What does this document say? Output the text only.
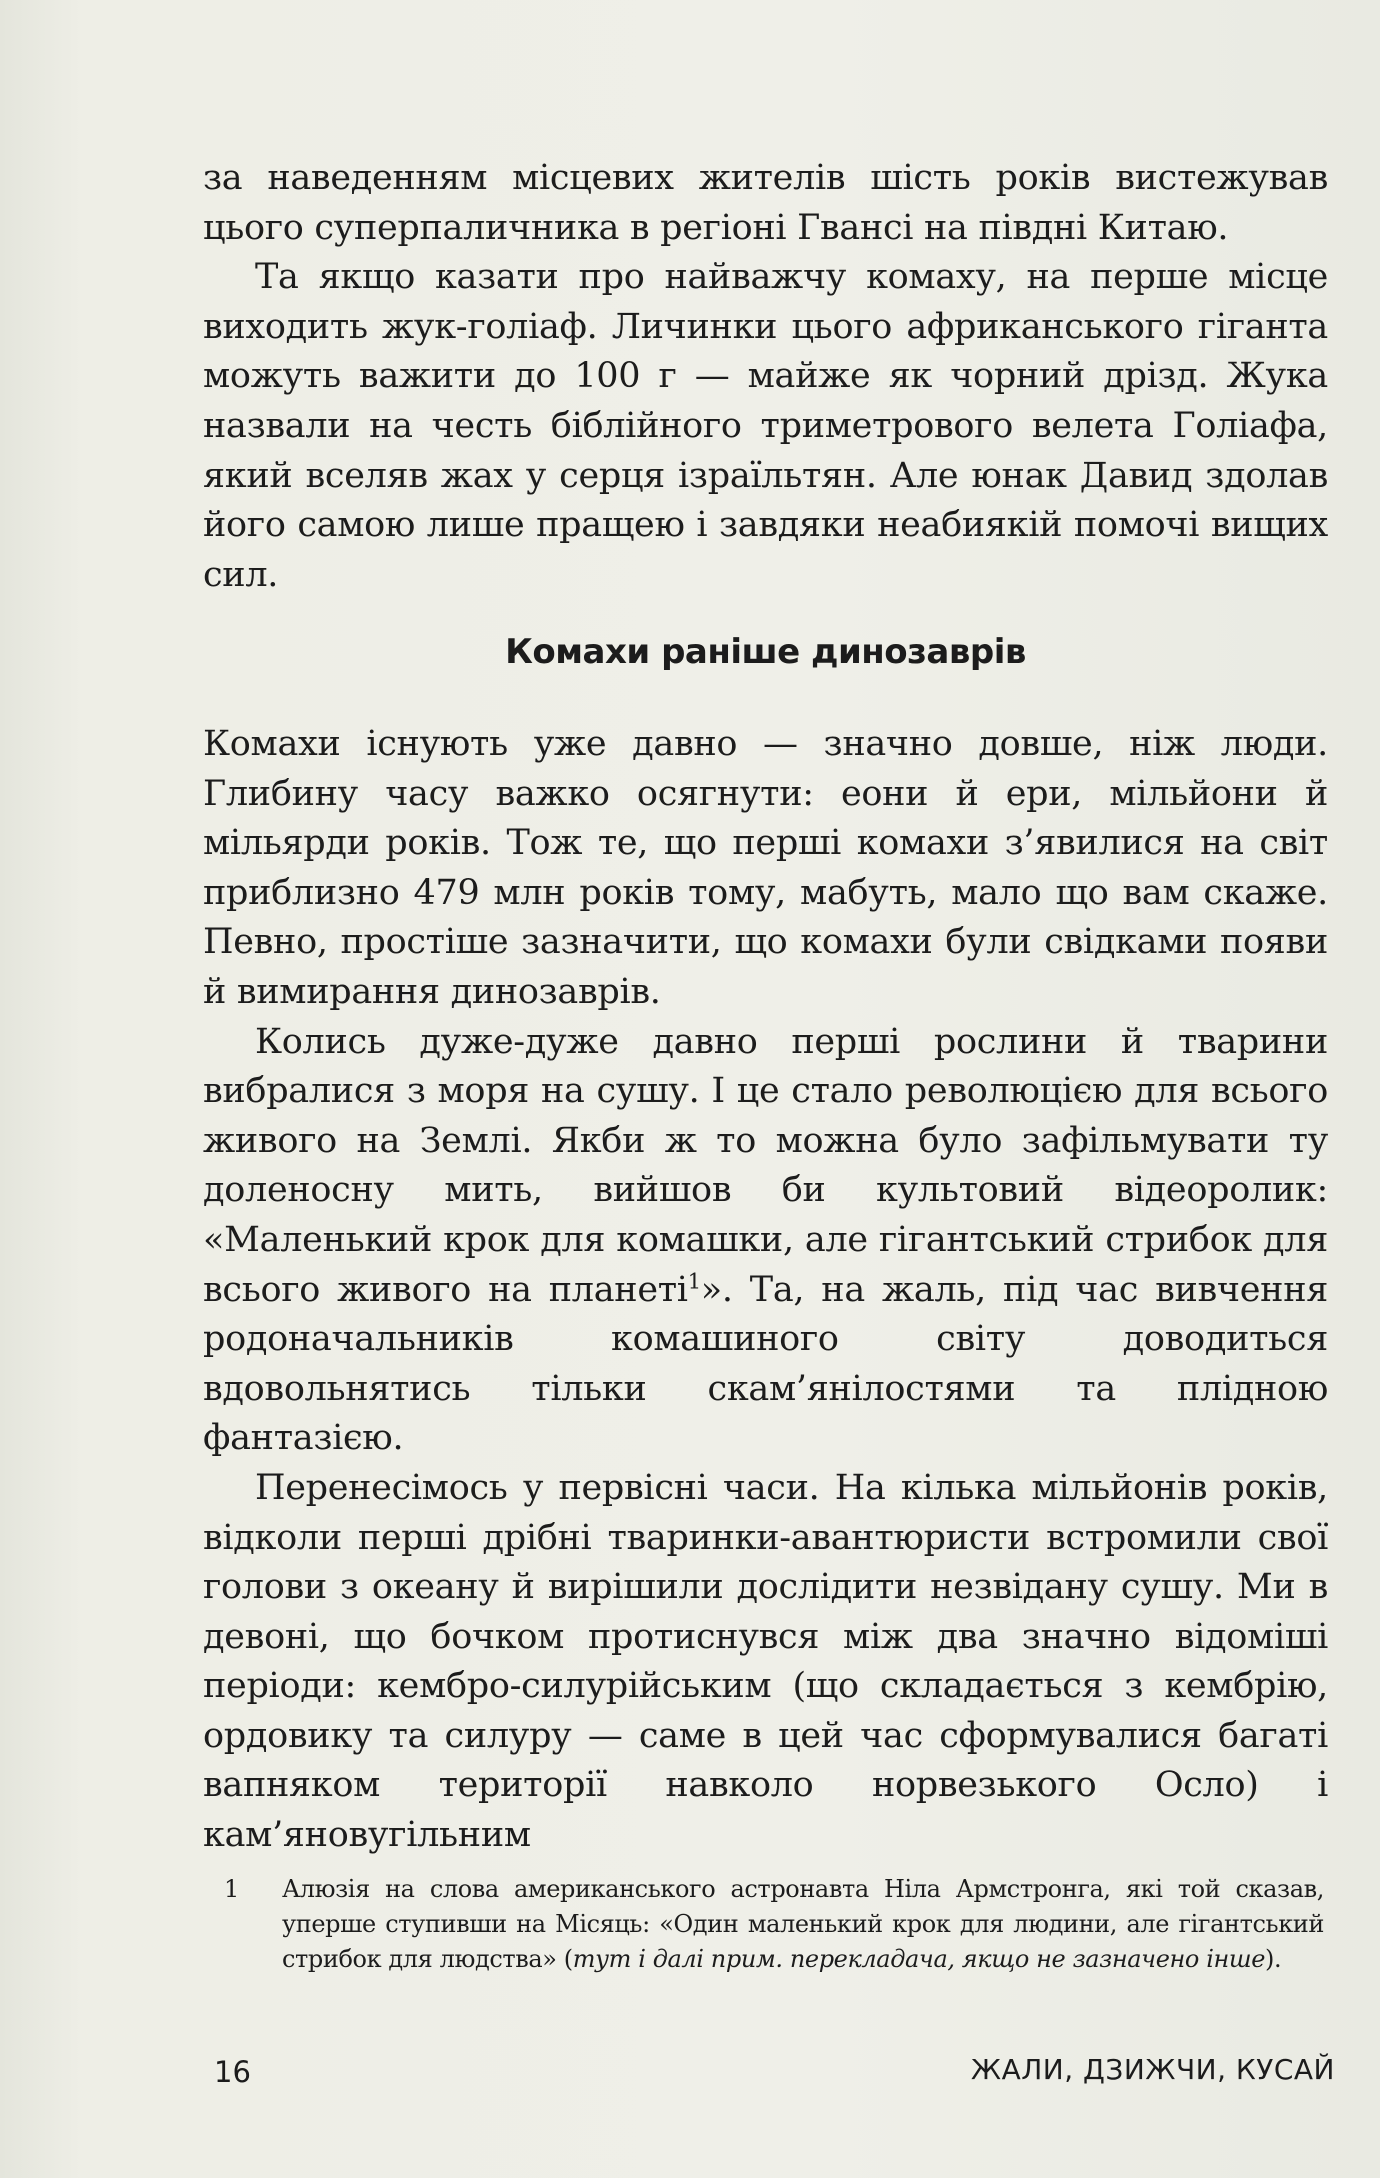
за наведенням місцевих жителів шість років вистежував цього суперпаличника в регіоні Гвансі на півдні Китаю.

Та якщо казати про найважчу комаху, на перше місце виходить жук-голіаф. Личинки цього африканського гіганта можуть важити до 100 г — майже як чорний дрізд. Жука назвали на честь біблійного триметрового велета Голіафа, який вселяв жах у серця ізраїльтян. Але юнак Давид здолав його самою лише пращею і завдяки неабиякій помочі вищих сил.

Комахи раніше динозаврів

Комахи існують уже давно — значно довше, ніж люди. Глибину часу важко осягнути: еони й ери, мільйони й мільярди років. Тож те, що перші комахи з’явилися на світ приблизно 479 млн років тому, мабуть, мало що вам скаже. Певно, простіше зазначити, що комахи були свідками появи й вимирання динозаврів.

Колись дуже-дуже давно перші рослини й тварини вибралися з моря на сушу. І це стало революцією для всього живого на Землі. Якби ж то можна було зафільмувати ту доленосну мить, вийшов би культовий відеоролик: «Маленький крок для комашки, але гігантський стрибок для всього живого на планеті$^1$». Та, на жаль, під час вивчення родоначальників комашиного світу доводиться вдовольнятись тільки скам’янілостями та плідною фантазією.

Перенесімось у первісні часи. На кілька мільйонів років, відколи перші дрібні тваринки-авантюристи встромили свої голови з океану й вирішили дослідити незвідану сушу. Ми в девоні, що бочком протиснувся між два значно відоміші періоди: кембро-силурійським (що складається з кембрію, ордовику та силуру — саме в цей час сформувалися багаті вапняком території навколо норвезького Осло) і кам’яновугільним

1 Алюзія на слова американського астронавта Ніла Армстронга, які той сказав, уперше ступивши на Місяць: «Один маленький крок для людини, але гігантський стрибок для людства» (тут і далі прим. перекладача, якщо не зазначено інше).
16	ЖАЛИ, ДЗИЖЧИ, КУСАЙ
